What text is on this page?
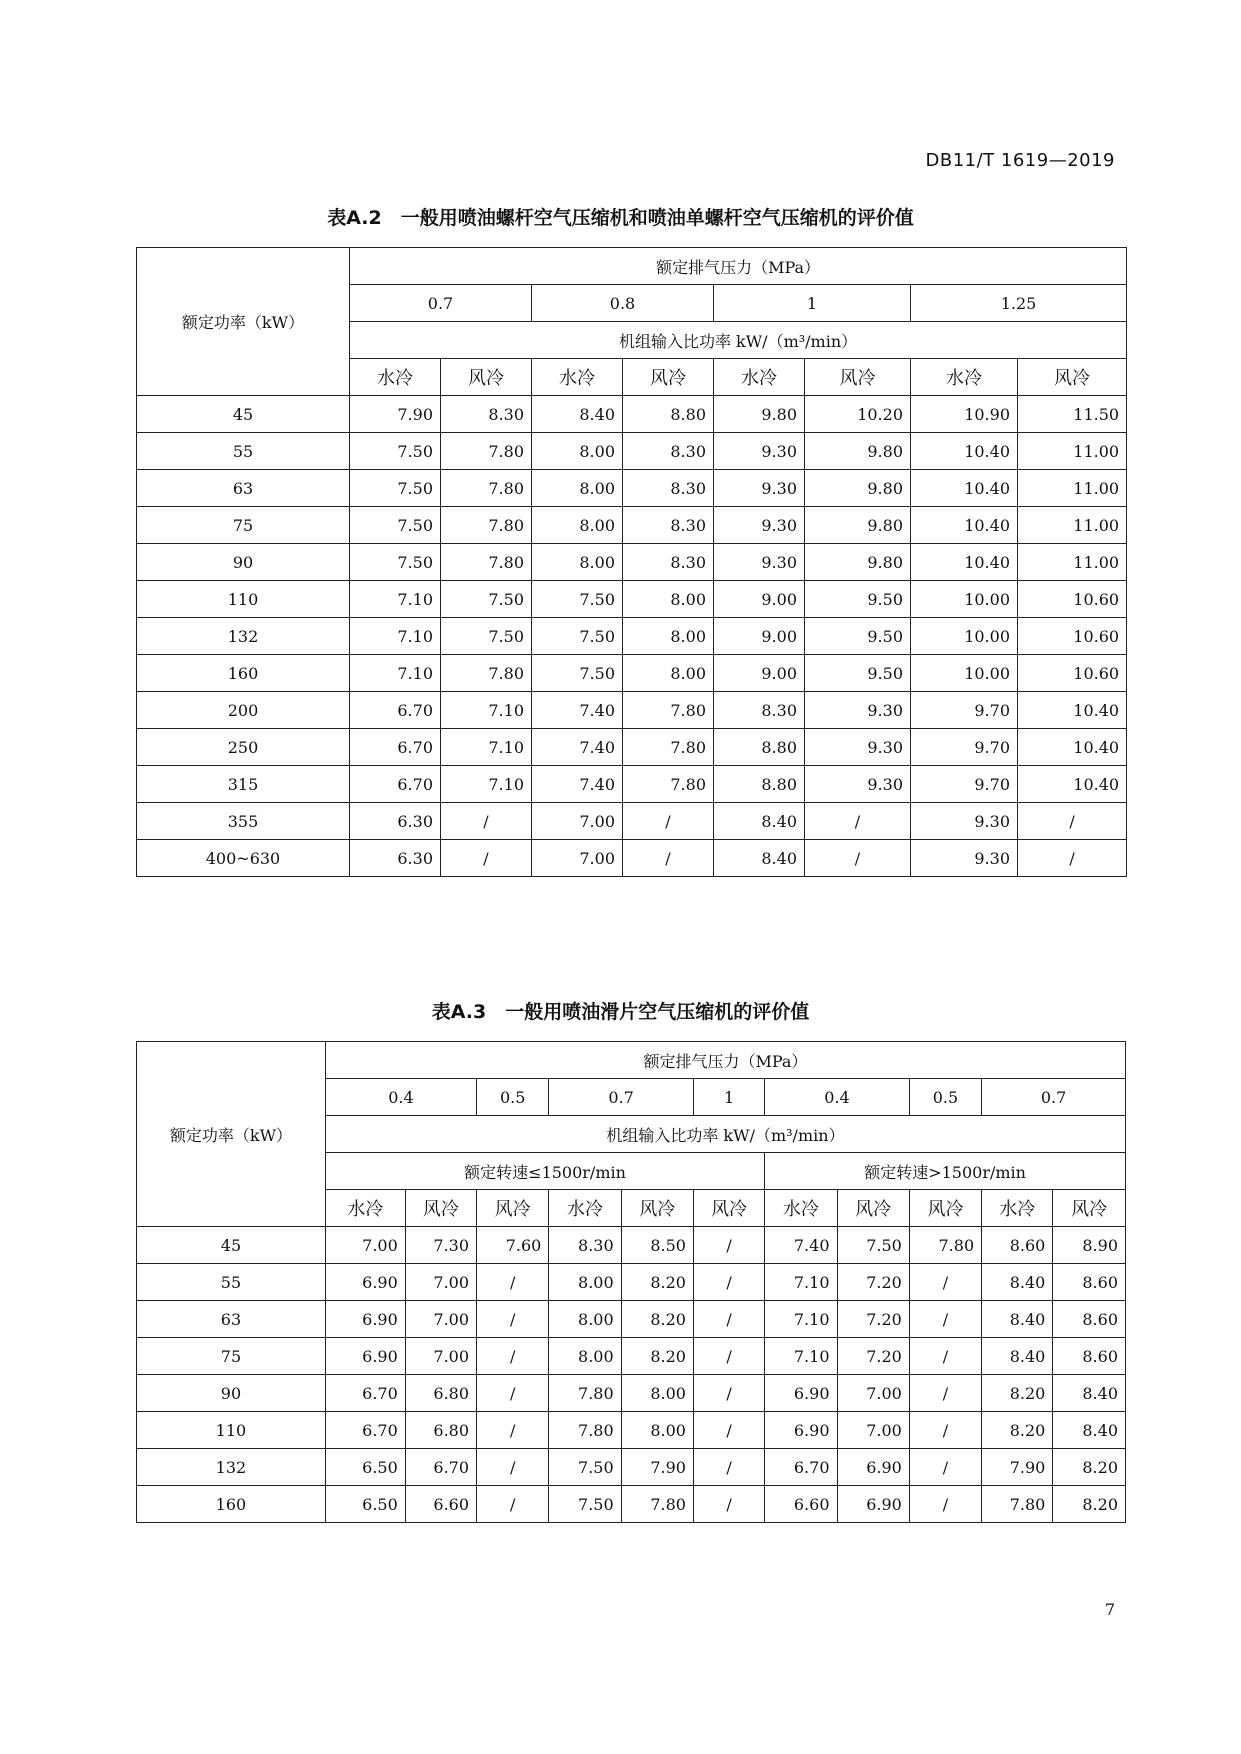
DB11/T 1619—2019
表A.2　一般用喷油螺杆空气压缩机和喷油单螺杆空气压缩机的评价值
额定功率（kW）	额定排气压力（MPa）							
	0.7		0.8		1		1.25	
	机组输入比功率 kW/（m³/min）							
	水冷	风冷	水冷	风冷	水冷	风冷	水冷	风冷
45	7.90	8.30	8.40	8.80	9.80	10.20	10.90	11.50
55	7.50	7.80	8.00	8.30	9.30	9.80	10.40	11.00
63	7.50	7.80	8.00	8.30	9.30	9.80	10.40	11.00
75	7.50	7.80	8.00	8.30	9.30	9.80	10.40	11.00
90	7.50	7.80	8.00	8.30	9.30	9.80	10.40	11.00
110	7.10	7.50	7.50	8.00	9.00	9.50	10.00	10.60
132	7.10	7.50	7.50	8.00	9.00	9.50	10.00	10.60
160	7.10	7.80	7.50	8.00	9.00	9.50	10.00	10.60
200	6.70	7.10	7.40	7.80	8.30	9.30	9.70	10.40
250	6.70	7.10	7.40	7.80	8.80	9.30	9.70	10.40
315	6.70	7.10	7.40	7.80	8.80	9.30	9.70	10.40
355	6.30	/	7.00	/	8.40	/	9.30	/
400~630	6.30	/	7.00	/	8.40	/	9.30	/
表A.3　一般用喷油滑片空气压缩机的评价值
额定功率（kW）	额定排气压力（MPa）										
	0.4		0.5	0.7		1	0.4		0.5	0.7	
	机组输入比功率 kW/（m³/min）										
	额定转速≤1500r/min						额定转速>1500r/min				
	水冷	风冷	风冷	水冷	风冷	风冷	水冷	风冷	风冷	水冷	风冷
45	7.00	7.30	7.60	8.30	8.50	/	7.40	7.50	7.80	8.60	8.90
55	6.90	7.00	/	8.00	8.20	/	7.10	7.20	/	8.40	8.60
63	6.90	7.00	/	8.00	8.20	/	7.10	7.20	/	8.40	8.60
75	6.90	7.00	/	8.00	8.20	/	7.10	7.20	/	8.40	8.60
90	6.70	6.80	/	7.80	8.00	/	6.90	7.00	/	8.20	8.40
110	6.70	6.80	/	7.80	8.00	/	6.90	7.00	/	8.20	8.40
132	6.50	6.70	/	7.50	7.90	/	6.70	6.90	/	7.90	8.20
160	6.50	6.60	/	7.50	7.80	/	6.60	6.90	/	7.80	8.20
7
